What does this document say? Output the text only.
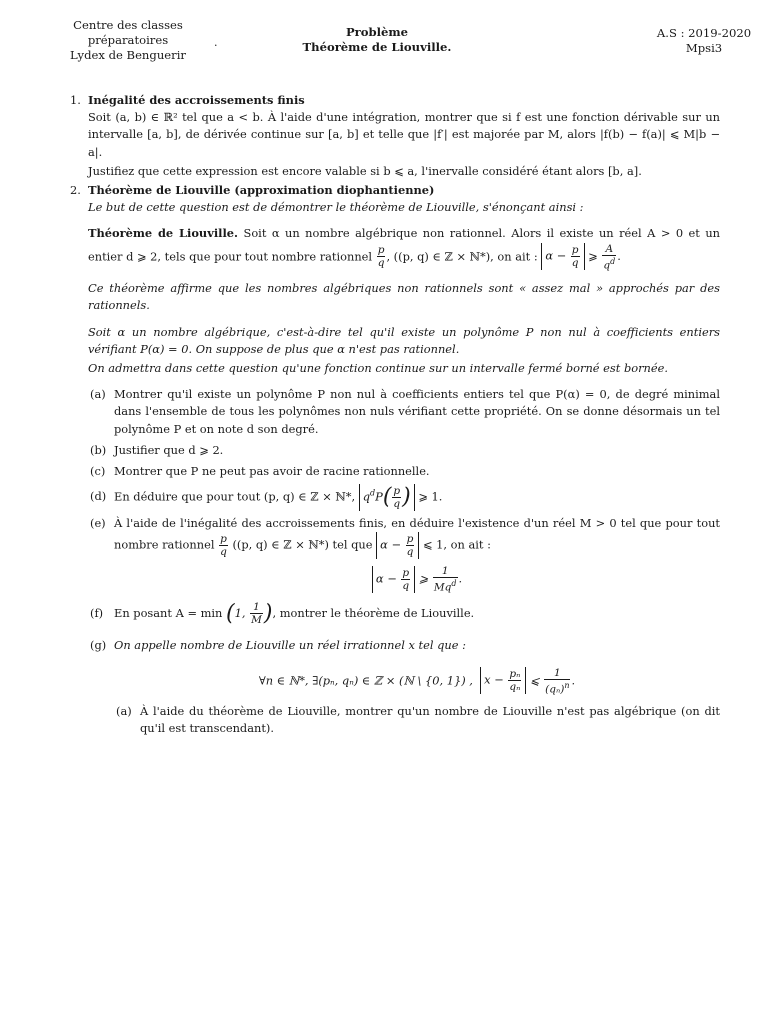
Centre des classes préparatoires
Lydex de Benguerir
.
Problème
Théorème de Liouville.
A.S : 2019-2020
Mpsi3
1. Inégalité des accroissements finis

Soit (a, b) ∈ ℝ² tel que a < b. À l'aide d'une intégration, montrer que si f est une fonction dérivable sur un intervalle [a, b], de dérivée continue sur [a, b] et telle que |f′| est majorée par M, alors |f(b) − f(a)| ⩽ M|b − a|.

Justifiez que cette expression est encore valable si b ⩽ a, l'inervalle considéré étant alors [b, a].

2. Théorème de Liouville (approximation diophantienne)

Le but de cette question est de démontrer le théorème de Liouville, s'énonçant ainsi :

Théorème de Liouville. Soit α un nombre algébrique non rationnel. Alors il existe un réel A > 0 et un entier d ⩾ 2, tels que pour tout nombre rationnel $\frac{p}{q}$ , ((p, q) ∈ ℤ × ℕ*), on ait : $\alpha - \frac{p}{q}$ ⩾ $\frac{A}{q^d}$ .

Ce théorème affirme que les nombres algébriques non rationnels sont « assez mal » approchés par des rationnels.

Soit α un nombre algébrique, c'est-à-dire tel qu'il existe un polynôme P non nul à coefficients entiers vérifiant P(α) = 0. On suppose de plus que α n'est pas rationnel.

On admettra dans cette question qu'une fonction continue sur un intervalle fermé borné est bornée.

(a) Montrer qu'il existe un polynôme P non nul à coefficients entiers tel que P(α) = 0, de degré minimal dans l'ensemble de tous les polynômes non nuls vérifiant cette propriété. On se donne désormais un tel polynôme P et on note d son degré.
(b) Justifier que d ⩾ 2.
(c) Montrer que P ne peut pas avoir de racine rationnelle.
(d) En déduire que pour tout (p, q) ∈ ℤ × ℕ*, $q^dP( \frac{p}{q}$ ) ⩾ 1.
(e) À l'aide de l'inégalité des accroissements finis, en déduire l'existence d'un réel M > 0 tel que pour tout nombre rationnel $\frac{p}{q} ((p$, q) ∈ ℤ × ℕ*) tel que $\alpha - \frac{p}{q}$ ⩽ 1, on ait :
$\alpha - \frac{p}{q}$ ⩾ $\frac{1}{Mq^d}$ .
(f) En posant A = min (1, $\frac{1}{M}$ ), montrer le théorème de Liouville.
(g) On appelle nombre de Liouville un réel irrationnel x tel que :
∀n ∈ ℕ*, ∃(pₙ, qₙ) ∈ ℤ × (ℕ \ {0, 1}) , $x - \frac{\text{pₙ}}{\text{qₙ}}$ ⩽ $\frac{1}{(q_n)^n}$ .
(a) À l'aide du théorème de Liouville, montrer qu'un nombre de Liouville n'est pas algébrique (on dit qu'il est transcendant).
